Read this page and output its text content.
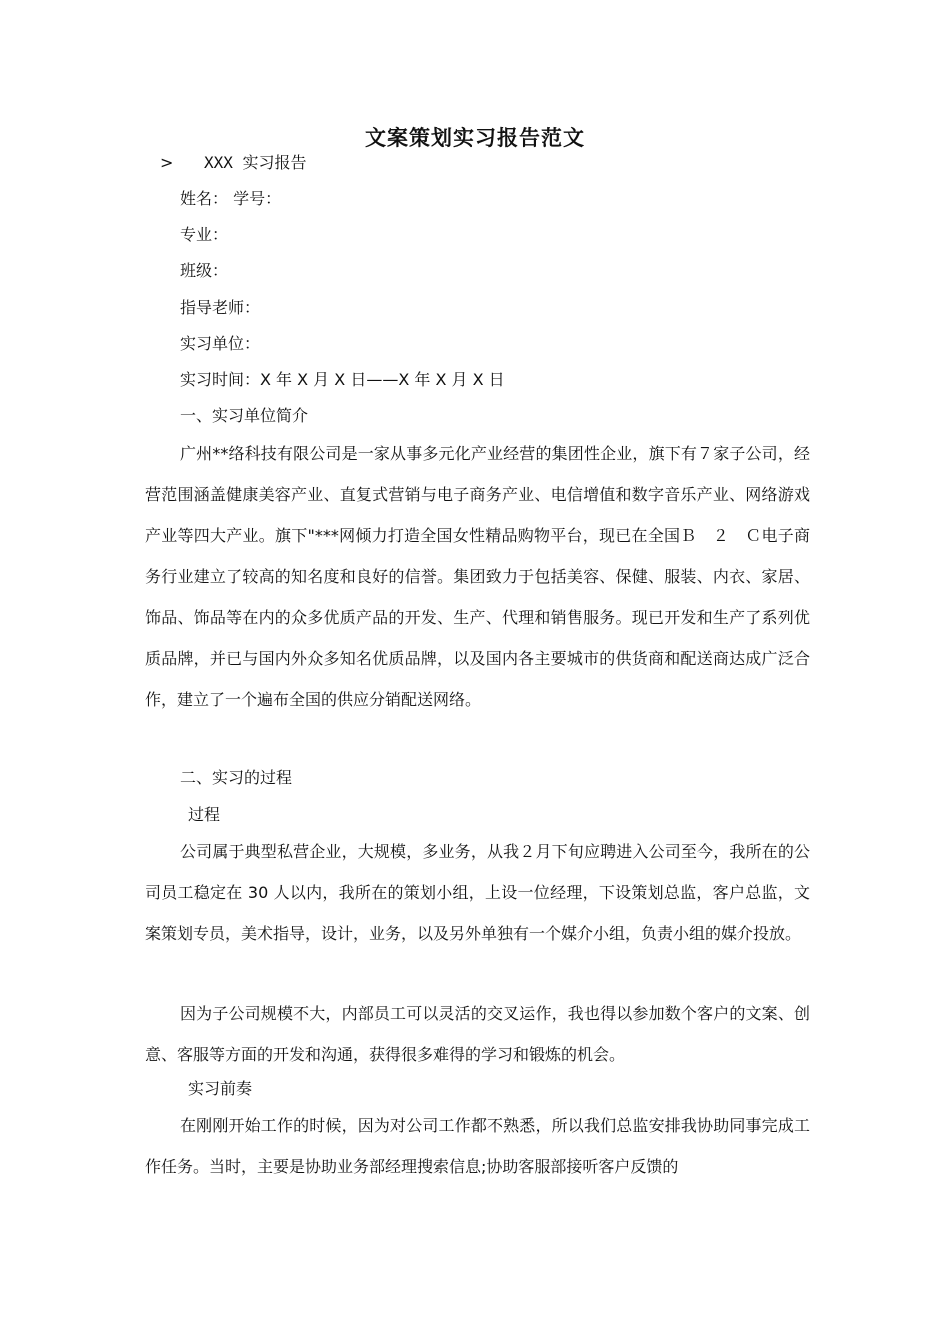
文案策划实习报告范文
> XXX 实习报告
姓名： 学号：
专业：
班级：
指导老师：
实习单位：
实习时间：X 年 X 月 X 日——X 年 X 月 X 日
一、实习单位简介

广州**络科技有限公司是一家从事多元化产业经营的集团性企业，旗下有７家子公司，经营范围涵盖健康美容产业、直复式营销与电子商务产业、电信增值和数字音乐产业、网络游戏产业等四大产业。旗下"***网倾力打造全国女性精品购物平台，现已在全国Ｂ　２　Ｃ电子商务行业建立了较高的知名度和良好的信誉。集团致力于包括美容、保健、服装、内衣、家居、饰品、饰品等在内的众多优质产品的开发、生产、代理和销售服务。现已开发和生产了系列优质品牌，并已与国内外众多知名优质品牌，以及国内各主要城市的供货商和配送商达成广泛合作，建立了一个遍布全国的供应分销配送网络。

二、实习的过程
过程

公司属于典型私营企业，大规模，多业务，从我２月下旬应聘进入公司至今，我所在的公司员工稳定在 30 人以内，我所在的策划小组，上设一位经理，下设策划总监，客户总监，文案策划专员，美术指导，设计，业务，以及另外单独有一个媒介小组，负责小组的媒介投放。

因为子公司规模不大，内部员工可以灵活的交叉运作，我也得以参加数个客户的文案、创意、客服等方面的开发和沟通，获得很多难得的学习和锻炼的机会。

实习前奏

在刚刚开始工作的时候，因为对公司工作都不熟悉，所以我们总监安排我协助同事完成工作任务。当时，主要是协助业务部经理搜索信息;协助客服部接听客户反馈的
